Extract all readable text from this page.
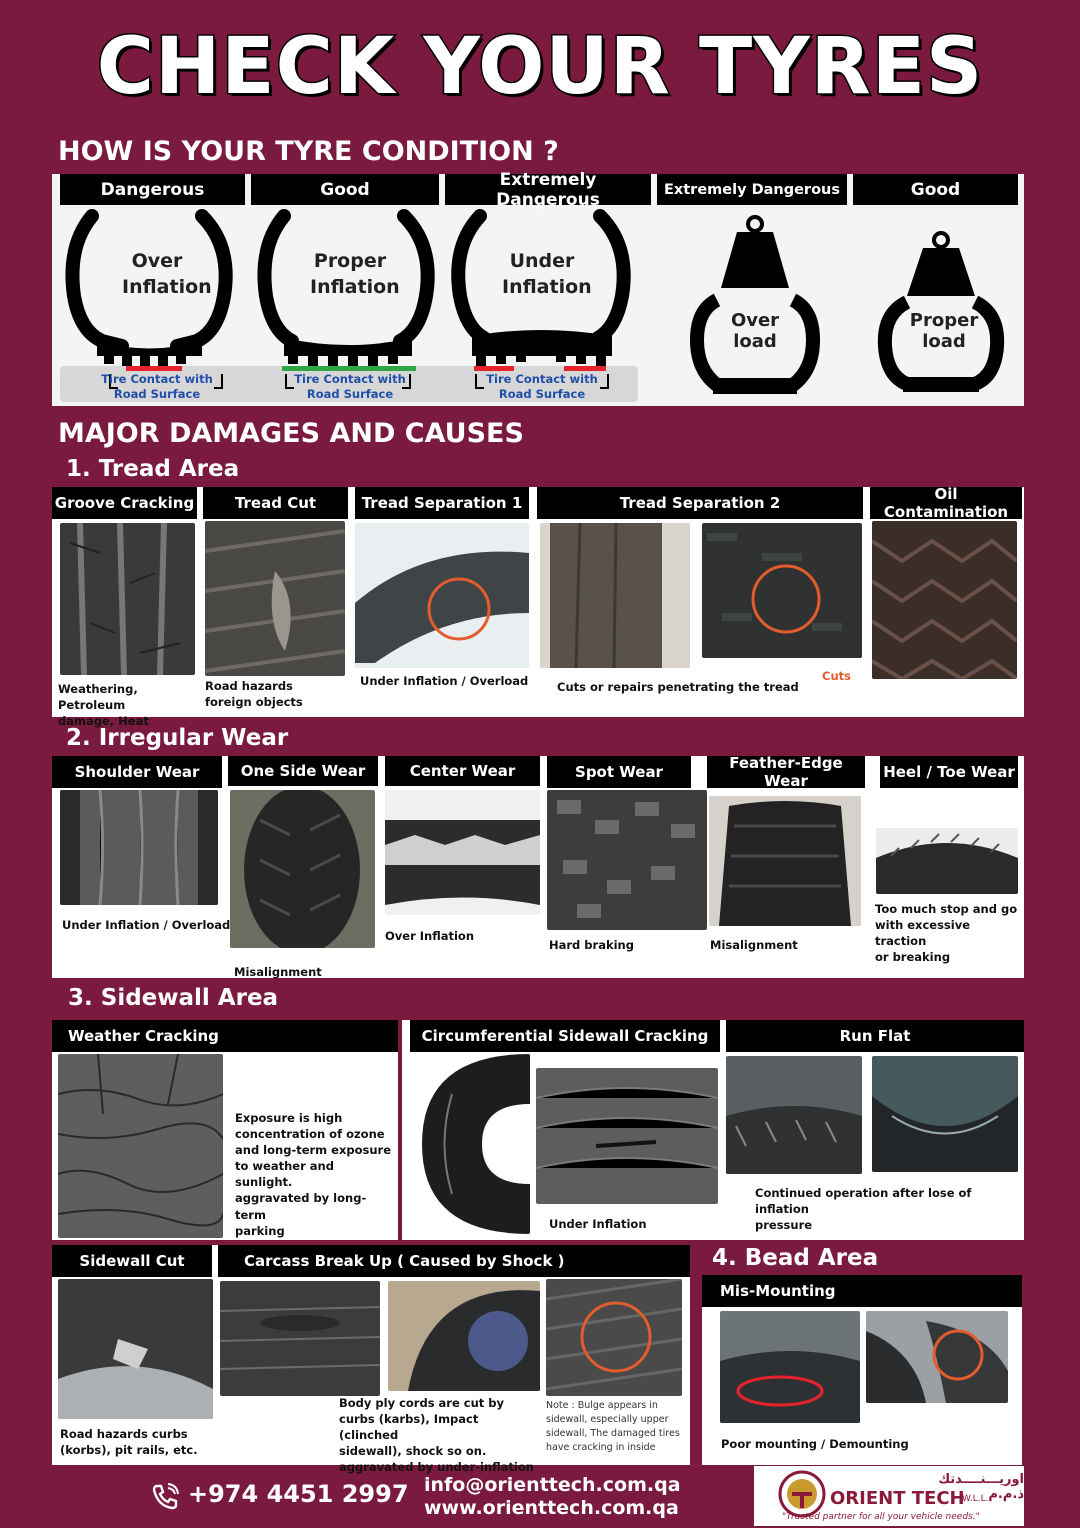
CHECK YOUR TYRES
HOW IS YOUR TYRE CONDITION ?
Dangerous	Good	Extremely Dangerous	Extremely Dangerous	Good
Over
Inflation
Proper
Inflation
Under
Inflation
Tire Contact with
Road Surface
Tire Contact with
Road Surface
Tire Contact with
Road Surface
Over
load
Proper
load
MAJOR DAMAGES AND CAUSES
1. Tread Area
Groove Cracking	Tread Cut	Tread Separation 1	Tread Separation 2	Oil Contamination
Weathering, Petroleum
damage, Heat
Road hazards
foreign objects
Under Inflation / Overload	Cuts or repairs penetrating the tread
Cuts
2. Irregular Wear
Shoulder Wear	One Side Wear	Center Wear	Spot Wear	Feather-Edge Wear	Heel / Toe Wear
Under Inflation / Overload
Misalignment
Over Inflation
Hard braking	Misalignment
Too much stop and go
with excessive traction
or breaking
3. Sidewall Area
Weather Cracking
Exposure is high
concentration of ozone
and long-term exposure
to weather and sunlight.
aggravated by long-term
parking
Circumferential Sidewall Cracking	Run Flat
Under Inflation
Continued operation after lose of inflation
pressure
Sidewall Cut	Carcass Break Up ( Caused by Shock )
Road hazards curbs
(korbs), pit rails, etc.
Body ply cords are cut by
curbs (karbs), Impact (clinched
sidewall), shock so on.
aggravated by under-inflation
Note : Bulge appears in
sidewall, especially upper
sidewall, The damaged tires
have cracking in inside
4. Bead Area
Mis-Mounting
Poor mounting / Demounting
+974 4451 2997 info@orienttech.com.qa
www.orienttech.com.qa
اوريـــنــــدتك ذ.م.م
ORIENT TECH
W.L.L.
"Trusted partner for all your vehicle needs."
